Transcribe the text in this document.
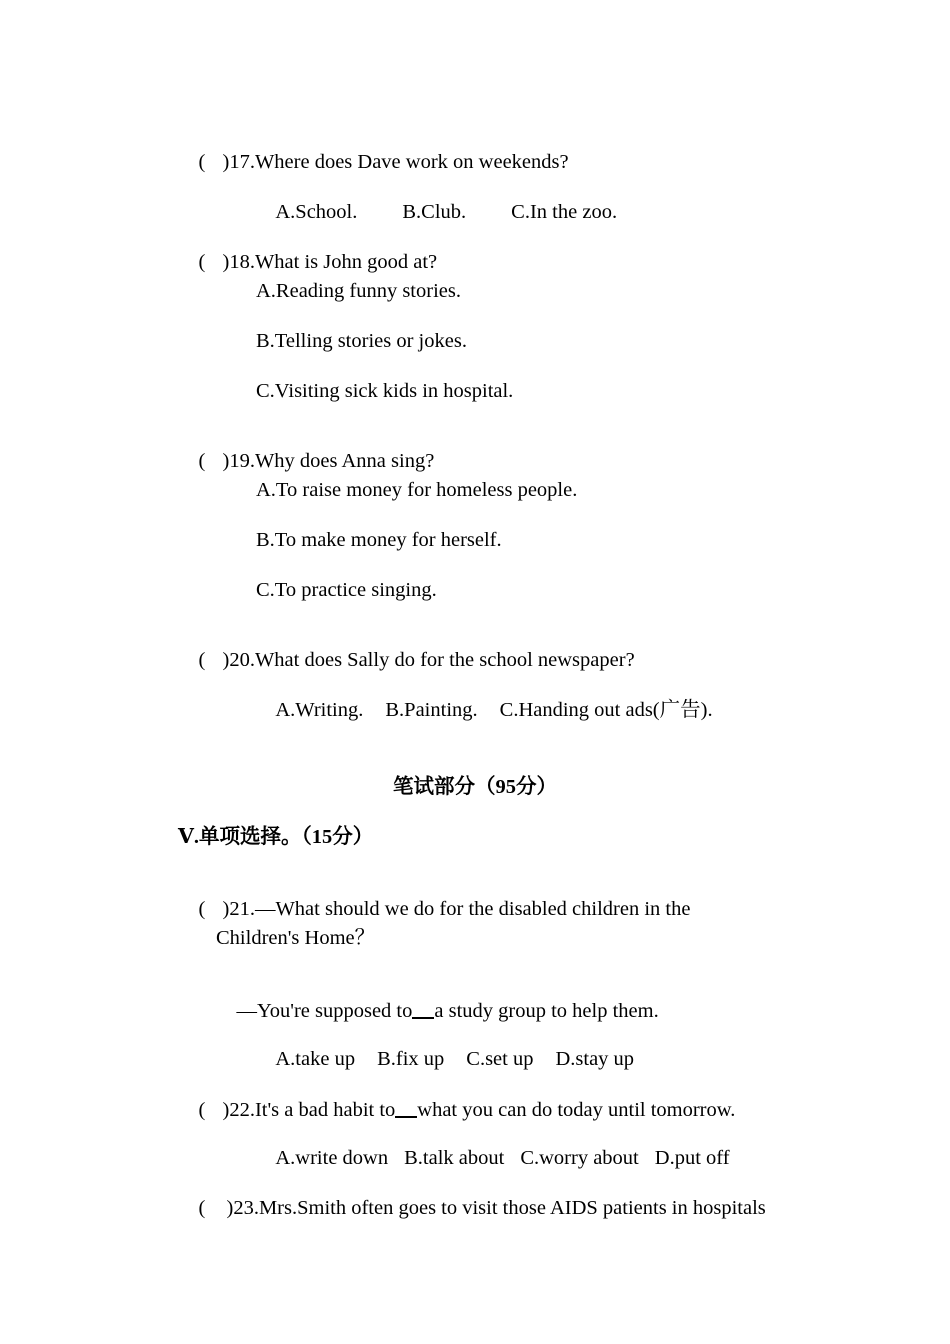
( )17.Where does Dave work on weekends?

A.School. B.Club. C.In the zoo.

( )18.What is John good at?

A.Reading funny stories.
B.Telling stories or jokes.
C.Visiting sick kids in hospital.

( )19.Why does Anna sing?

A.To raise money for homeless people.
B.To make money for herself.
C.To practice singing.

( )20.What does Sally do for the school newspaper?

A.Writing. B.Painting. C.Handing out ads(广告).

笔试部分（95分）
Ⅴ.单项选择。（15分）

( )21.—What should we do for the disabled children in the

Children's Home？

—You're supposed to a study group to help them.

A.take up B.fix up C.set up D.stay up

( )22.It's a bad habit to what you can do today until tomorrow.

A.write down B.talk about C.worry about D.put off

( )23.Mrs.Smith often goes to visit those AIDS patients in hospitals
